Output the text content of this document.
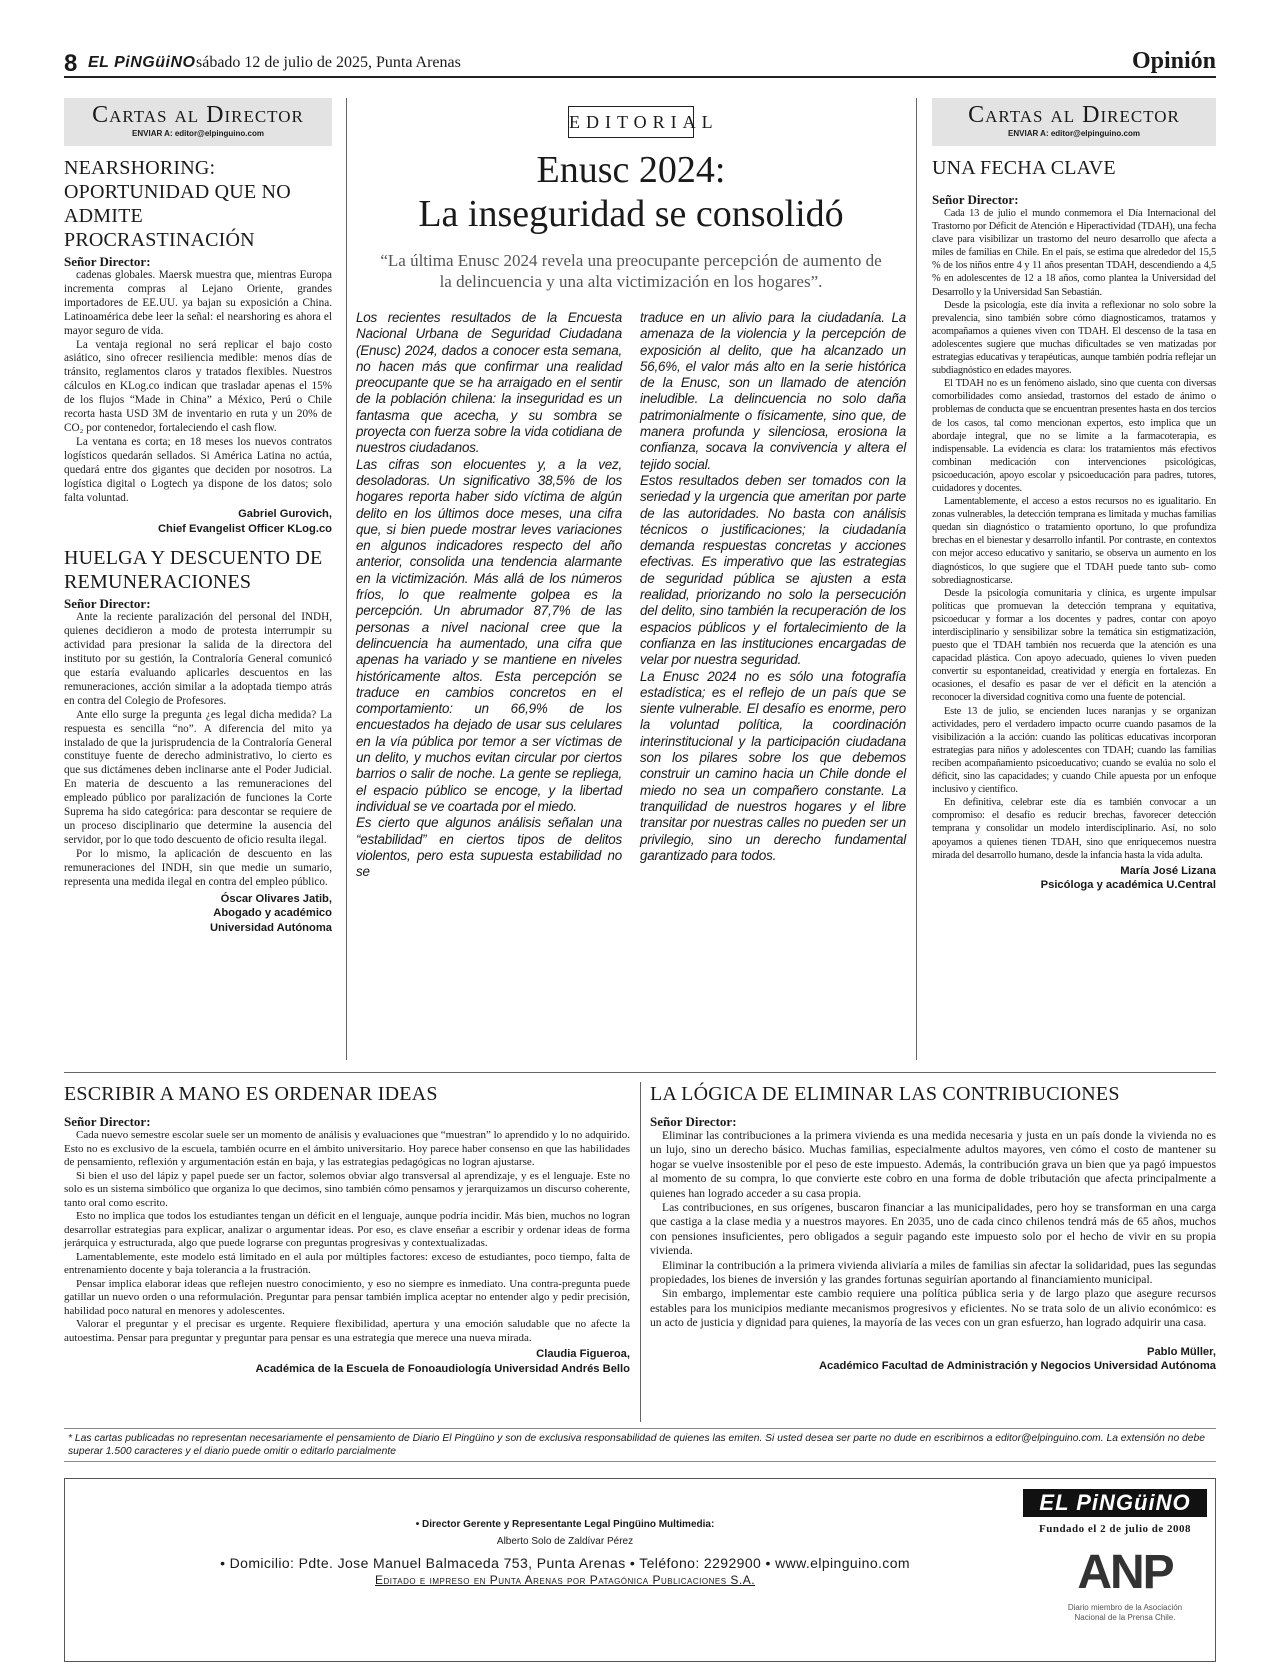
8 EL PiNGüiNO sábado 12 de julio de 2025, Punta Arenas	Opinión
Cartas al Director
ENVIAR A: editor@elpinguino.com
NEARSHORING: OPORTUNIDAD QUE NO ADMITE PROCRASTINACIÓN
Señor Director:

cadenas globales. Maersk muestra que, mientras Europa incrementa compras al Lejano Oriente, grandes importadores de EE.UU. ya bajan su exposición a China. Latinoamérica debe leer la señal: el nearshoring es ahora el mayor seguro de vida.

La ventaja regional no será replicar el bajo costo asiático, sino ofrecer resiliencia medible: menos días de tránsito, reglamentos claros y tratados flexibles. Nuestros cálculos en KLog.co indican que trasladar apenas el 15% de los flujos “Made in China” a México, Perú o Chile recorta hasta USD 3M de inventario en ruta y un 20% de CO₂ por contenedor, fortaleciendo el cash flow.

La ventana es corta; en 18 meses los nuevos contratos logísticos quedarán sellados. Si América Latina no actúa, quedará entre dos gigantes que deciden por nosotros. La logística digital o Logtech ya dispone de los datos; solo falta voluntad.

Gabriel Gurovich,
Chief Evangelist Officer KLog.co
HUELGA Y DESCUENTO DE REMUNERACIONES
Señor Director:

Ante la reciente paralización del personal del INDH, quienes decidieron a modo de protesta interrumpir su actividad para presionar la salida de la directora del instituto por su gestión, la Contraloría General comunicó que estaría evaluando aplicarles descuentos en las remuneraciones, acción similar a la adoptada tiempo atrás en contra del Colegio de Profesores.

Ante ello surge la pregunta ¿es legal dicha medida? La respuesta es sencilla “no”. A diferencia del mito ya instalado de que la jurisprudencia de la Contraloría General constituye fuente de derecho administrativo, lo cierto es que sus dictámenes deben inclinarse ante el Poder Judicial. En materia de descuento a las remuneraciones del empleado público por paralización de funciones la Corte Suprema ha sido categórica: para descontar se requiere de un proceso disciplinario que determine la ausencia del servidor, por lo que todo descuento de oficio resulta ilegal.

Por lo mismo, la aplicación de descuento en las remuneraciones del INDH, sin que medie un sumario, representa una medida ilegal en contra del empleo público.

Óscar Olivares Jatib,
Abogado y académico
Universidad Autónoma
EDITORIAL
Enusc 2024:
La inseguridad se consolidó
“La última Enusc 2024 revela una preocupante percepción de aumento de la delincuencia y una alta victimización en los hogares”.

Los recientes resultados de la Encuesta Nacional Urbana de Seguridad Ciudadana (Enusc) 2024, dados a conocer esta semana, no hacen más que confirmar una realidad preocupante que se ha arraigado en el sentir de la población chilena: la inseguridad es un fantasma que acecha, y su sombra se proyecta con fuerza sobre la vida cotidiana de nuestros ciudadanos.

Las cifras son elocuentes y, a la vez, desoladoras. Un significativo 38,5% de los hogares reporta haber sido víctima de algún delito en los últimos doce meses, una cifra que, si bien puede mostrar leves variaciones en algunos indicadores respecto del año anterior, consolida una tendencia alarmante en la victimización. Más allá de los números fríos, lo que realmente golpea es la percepción. Un abrumador 87,7% de las personas a nivel nacional cree que la delincuencia ha aumentado, una cifra que apenas ha variado y se mantiene en niveles históricamente altos. Esta percepción se traduce en cambios concretos en el comportamiento: un 66,9% de los encuestados ha dejado de usar sus celulares en la vía pública por temor a ser víctimas de un delito, y muchos evitan circular por ciertos barrios o salir de noche. La gente se repliega, el espacio público se encoge, y la libertad individual se ve coartada por el miedo.

Es cierto que algunos análisis señalan una “estabilidad” en ciertos tipos de delitos violentos, pero esta supuesta estabilidad no se

traduce en un alivio para la ciudadanía. La amenaza de la violencia y la percepción de exposición al delito, que ha alcanzado un 56,6%, el valor más alto en la serie histórica de la Enusc, son un llamado de atención ineludible. La delincuencia no solo daña patrimonialmente o físicamente, sino que, de manera profunda y silenciosa, erosiona la confianza, socava la convivencia y altera el tejido social.

Estos resultados deben ser tomados con la seriedad y la urgencia que ameritan por parte de las autoridades. No basta con análisis técnicos o justificaciones; la ciudadanía demanda respuestas concretas y acciones efectivas. Es imperativo que las estrategias de seguridad pública se ajusten a esta realidad, priorizando no solo la persecución del delito, sino también la recuperación de los espacios públicos y el fortalecimiento de la confianza en las instituciones encargadas de velar por nuestra seguridad.

La Enusc 2024 no es sólo una fotografía estadística; es el reflejo de un país que se siente vulnerable. El desafío es enorme, pero la voluntad política, la coordinación interinstitucional y la participación ciudadana son los pilares sobre los que debemos construir un camino hacia un Chile donde el miedo no sea un compañero constante. La tranquilidad de nuestros hogares y el libre transitar por nuestras calles no pueden ser un privilegio, sino un derecho fundamental garantizado para todos.

Cartas al Director
ENVIAR A: editor@elpinguino.com
UNA FECHA CLAVE
Señor Director:

Cada 13 de julio el mundo conmemora el Día Internacional del Trastorno por Déficit de Atención e Hiperactividad (TDAH), una fecha clave para visibilizar un trastorno del neuro desarrollo que afecta a miles de familias en Chile. En el país, se estima que alrededor del 15,5 % de los niños entre 4 y 11 años presentan TDAH, descendiendo a 4,5 % en adolescentes de 12 a 18 años, como plantea la Universidad del Desarrollo y la Universidad San Sebastián.

Desde la psicología, este día invita a reflexionar no solo sobre la prevalencia, sino también sobre cómo diagnosticamos, tratamos y acompañamos a quienes viven con TDAH. El descenso de la tasa en adolescentes sugiere que muchas dificultades se ven matizadas por estrategias educativas y terapéuticas, aunque también podría reflejar un subdiagnóstico en edades mayores.

El TDAH no es un fenómeno aislado, sino que cuenta con diversas comorbilidades como ansiedad, trastornos del estado de ánimo o problemas de conducta que se encuentran presentes hasta en dos tercios de los casos, tal como mencionan expertos, esto implica que un abordaje integral, que no se limite a la farmacoterapia, es indispensable. La evidencia es clara: los tratamientos más efectivos combinan medicación con intervenciones psicológicas, psicoeducación, apoyo escolar y psicoeducación para padres, tutores, cuidadores y docentes.

Lamentablemente, el acceso a estos recursos no es igualitario. En zonas vulnerables, la detección temprana es limitada y muchas familias quedan sin diagnóstico o tratamiento oportuno, lo que profundiza brechas en el bienestar y desarrollo infantil. Por contraste, en contextos con mejor acceso educativo y sanitario, se observa un aumento en los diagnósticos, lo que sugiere que el TDAH puede tanto sub- como sobrediagnosticarse.

Desde la psicología comunitaria y clínica, es urgente impulsar políticas que promuevan la detección temprana y equitativa, psicoeducar y formar a los docentes y padres, contar con apoyo interdisciplinario y sensibilizar sobre la temática sin estigmatización, puesto que el TDAH también nos recuerda que la atención es una capacidad plástica. Con apoyo adecuado, quienes lo viven pueden convertir su espontaneidad, creatividad y energía en fortalezas. En ocasiones, el desafío es pasar de ver el déficit en la atención a reconocer la diversidad cognitiva como una fuente de potencial.

Este 13 de julio, se encienden luces naranjas y se organizan actividades, pero el verdadero impacto ocurre cuando pasamos de la visibilización a la acción: cuando las políticas educativas incorporan estrategias para niños y adolescentes con TDAH; cuando las familias reciben acompañamiento psicoeducativo; cuando se evalúa no solo el déficit, sino las capacidades; y cuando Chile apuesta por un enfoque inclusivo y científico.

En definitiva, celebrar este día es también convocar a un compromiso: el desafío es reducir brechas, favorecer detección temprana y consolidar un modelo interdisciplinario. Así, no solo apoyamos a quienes tienen TDAH, sino que enriquecemos nuestra mirada del desarrollo humano, desde la infancia hasta la vida adulta.

María José Lizana
Psicóloga y académica U.Central
ESCRIBIR A MANO ES ORDENAR IDEAS
Señor Director:

Cada nuevo semestre escolar suele ser un momento de análisis y evaluaciones que “muestran” lo aprendido y lo no adquirido. Esto no es exclusivo de la escuela, también ocurre en el ámbito universitario. Hoy parece haber consenso en que las habilidades de pensamiento, reflexión y argumentación están en baja, y las estrategias pedagógicas no logran ajustarse.

Si bien el uso del lápiz y papel puede ser un factor, solemos obviar algo transversal al aprendizaje, y es el lenguaje. Este no solo es un sistema simbólico que organiza lo que decimos, sino también cómo pensamos y jerarquizamos un discurso coherente, tanto oral como escrito.

Esto no implica que todos los estudiantes tengan un déficit en el lenguaje, aunque podría incidir. Más bien, muchos no logran desarrollar estrategias para explicar, analizar o argumentar ideas. Por eso, es clave enseñar a escribir y ordenar ideas de forma jerárquica y estructurada, algo que puede lograrse con preguntas progresivas y contextualizadas.

Lamentablemente, este modelo está limitado en el aula por múltiples factores: exceso de estudiantes, poco tiempo, falta de entrenamiento docente y baja tolerancia a la frustración.

Pensar implica elaborar ideas que reflejen nuestro conocimiento, y eso no siempre es inmediato. Una contra-pregunta puede gatillar un nuevo orden o una reformulación. Preguntar para pensar también implica aceptar no entender algo y pedir precisión, habilidad poco natural en menores y adolescentes.

Valorar el preguntar y el precisar es urgente. Requiere flexibilidad, apertura y una emoción saludable que no afecte la autoestima. Pensar para preguntar y preguntar para pensar es una estrategia que merece una nueva mirada.

Claudia Figueroa,
Académica de la Escuela de Fonoaudiología Universidad Andrés Bello
LA LÓGICA DE ELIMINAR LAS CONTRIBUCIONES
Señor Director:

Eliminar las contribuciones a la primera vivienda es una medida necesaria y justa en un país donde la vivienda no es un lujo, sino un derecho básico. Muchas familias, especialmente adultos mayores, ven cómo el costo de mantener su hogar se vuelve insostenible por el peso de este impuesto. Además, la contribución grava un bien que ya pagó impuestos al momento de su compra, lo que convierte este cobro en una forma de doble tributación que afecta principalmente a quienes han logrado acceder a su casa propia.

Las contribuciones, en sus orígenes, buscaron financiar a las municipalidades, pero hoy se transforman en una carga que castiga a la clase media y a nuestros mayores. En 2035, uno de cada cinco chilenos tendrá más de 65 años, muchos con pensiones insuficientes, pero obligados a seguir pagando este impuesto solo por el hecho de vivir en su propia vivienda.

Eliminar la contribución a la primera vivienda aliviaría a miles de familias sin afectar la solidaridad, pues las segundas propiedades, los bienes de inversión y las grandes fortunas seguirían aportando al financiamiento municipal.

Sin embargo, implementar este cambio requiere una política pública seria y de largo plazo que asegure recursos estables para los municipios mediante mecanismos progresivos y eficientes. No se trata solo de un alivio económico: es un acto de justicia y dignidad para quienes, la mayoría de las veces con un gran esfuerzo, han logrado adquirir una casa.

Pablo Müller,
Académico Facultad de Administración y Negocios Universidad Autónoma
* Las cartas publicadas no representan necesariamente el pensamiento de Diario El Pingüino y son de exclusiva responsabilidad de quienes las emiten. Si usted desea ser parte no dude en escribirnos a editor@elpinguino.com. La extensión no debe superar 1.500 caracteres y el diario puede omitir o editarlo parcialmente
• Director Gerente y Representante Legal Pingüino Multimedia:
Alberto Solo de Zaldívar Pérez
• Domicilio: Pdte. Jose Manuel Balmaceda 753, Punta Arenas • Teléfono: 2292900 • www.elpinguino.com
Editado e impreso en Punta Arenas por Patagónica Publicaciones S.A.
EL PiNGüiNO
Fundado el 2 de julio de 2008
ANP
Diario miembro de la Asociación Nacional de la Prensa Chile.
